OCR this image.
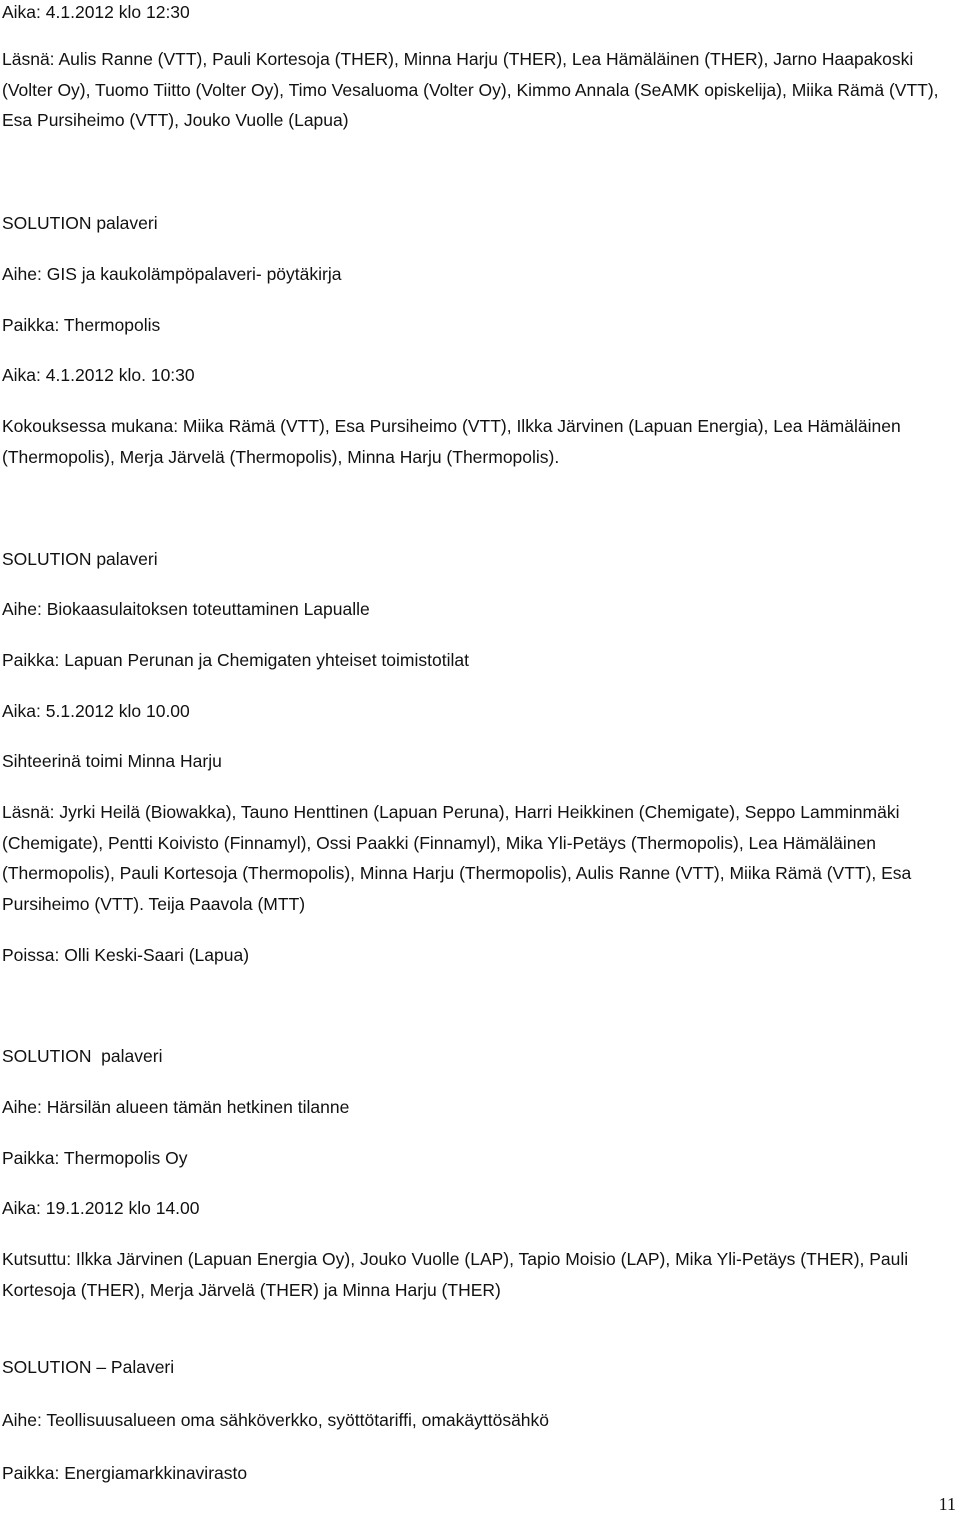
Aika: 4.1.2012 klo 12:30
Läsnä: Aulis Ranne (VTT), Pauli Kortesoja (THER), Minna Harju (THER), Lea Hämäläinen (THER), Jarno Haapakoski (Volter Oy), Tuomo Tiitto (Volter Oy), Timo Vesaluoma (Volter Oy), Kimmo Annala (SeAMK opiskelija), Miika Rämä (VTT), Esa Pursiheimo (VTT), Jouko Vuolle (Lapua)
SOLUTION palaveri
Aihe: GIS ja kaukolämpöpalaveri- pöytäkirja
Paikka: Thermopolis
Aika: 4.1.2012 klo. 10:30
Kokouksessa mukana: Miika Rämä (VTT), Esa Pursiheimo (VTT), Ilkka Järvinen (Lapuan Energia), Lea Hämäläinen (Thermopolis), Merja Järvelä (Thermopolis), Minna Harju (Thermopolis).
SOLUTION palaveri
Aihe: Biokaasulaitoksen toteuttaminen Lapualle
Paikka: Lapuan Perunan ja Chemigaten yhteiset toimistotilat
Aika: 5.1.2012 klo 10.00
Sihteerinä toimi Minna Harju
Läsnä: Jyrki Heilä (Biowakka), Tauno Henttinen (Lapuan Peruna), Harri Heikkinen (Chemigate), Seppo Lamminmäki (Chemigate), Pentti Koivisto (Finnamyl), Ossi Paakki (Finnamyl), Mika Yli-Petäys (Thermopolis), Lea Hämäläinen (Thermopolis), Pauli Kortesoja (Thermopolis), Minna Harju (Thermopolis), Aulis Ranne (VTT), Miika Rämä (VTT), Esa Pursiheimo (VTT). Teija Paavola (MTT)
Poissa: Olli Keski-Saari (Lapua)
SOLUTION  palaveri
Aihe: Härsilän alueen tämän hetkinen tilanne
Paikka: Thermopolis Oy
Aika: 19.1.2012 klo 14.00
Kutsuttu: Ilkka Järvinen (Lapuan Energia Oy), Jouko Vuolle (LAP), Tapio Moisio (LAP), Mika Yli-Petäys (THER), Pauli Kortesoja (THER), Merja Järvelä (THER) ja Minna Harju (THER)
SOLUTION – Palaveri
Aihe: Teollisuusalueen oma sähköverkko, syöttötariffi, omakäyttösähkö
Paikka: Energiamarkkinavirasto
11
